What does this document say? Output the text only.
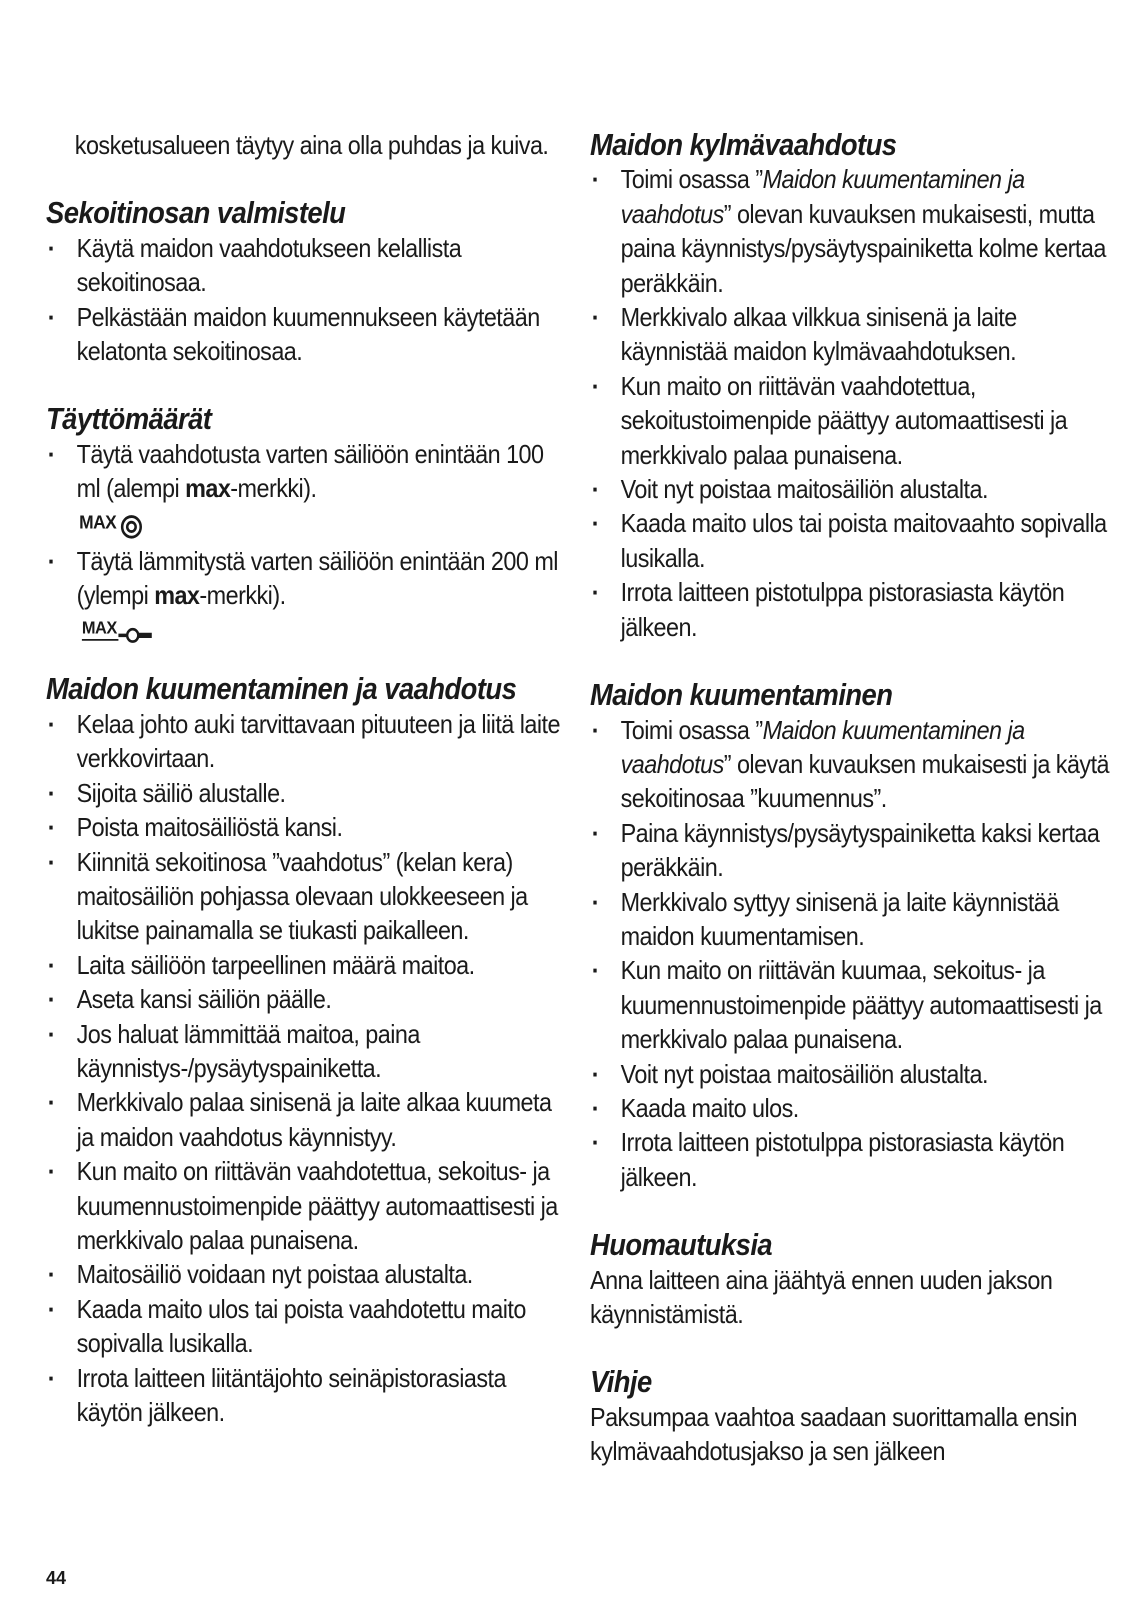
kosketusalueen täytyy aina olla puhdas ja kuiva.

Sekoitinosan valmistelu
· Käytä maidon vaahdotukseen kelallista sekoitinosaa.
· Pelkästään maidon kuumennukseen käytetään kelatonta sekoitinosaa.
Täyttömäärät
· Täytä vaahdotusta varten säiliöön enintään 100 ml (alempi max-merkki).
MAX
· Täytä lämmitystä varten säiliöön enintään 200 ml (ylempi max-merkki).
MAX
Maidon kuumentaminen ja vaahdotus
· Kelaa johto auki tarvittavaan pituuteen ja liitä laite verkkovirtaan.
· Sijoita säiliö alustalle.
· Poista maitosäiliöstä kansi.
· Kiinnitä sekoitinosa ”vaahdotus” (kelan kera) maitosäiliön pohjassa olevaan ulokkeeseen ja lukitse painamalla se tiukasti paikalleen.
· Laita säiliöön tarpeellinen määrä maitoa.
· Aseta kansi säiliön päälle.
· Jos haluat lämmittää maitoa, paina käynnistys-/pysäytyspainiketta.
· Merkkivalo palaa sinisenä ja laite alkaa kuumeta ja maidon vaahdotus käynnistyy.
· Kun maito on riittävän vaahdotettua, sekoitus- ja kuumennustoimenpide päättyy automaattisesti ja merkkivalo palaa punaisena.
· Maitosäiliö voidaan nyt poistaa alustalta.
· Kaada maito ulos tai poista vaahdotettu maito sopivalla lusikalla.
· Irrota laitteen liitäntäjohto seinäpistorasiasta käytön jälkeen.
Maidon kylmävaahdotus
· Toimi osassa ”Maidon kuumentaminen ja vaahdotus” olevan kuvauksen mukaisesti, mutta paina käynnistys/pysäytyspainiketta kolme kertaa peräkkäin.
· Merkkivalo alkaa vilkkua sinisenä ja laite käynnistää maidon kylmävaahdotuksen.
· Kun maito on riittävän vaahdotettua, sekoitustoimenpide päättyy automaattisesti ja merkkivalo palaa punaisena.
· Voit nyt poistaa maitosäiliön alustalta.
· Kaada maito ulos tai poista maitovaahto sopivalla lusikalla.
· Irrota laitteen pistotulppa pistorasiasta käytön jälkeen.
Maidon kuumentaminen
· Toimi osassa ”Maidon kuumentaminen ja vaahdotus” olevan kuvauksen mukaisesti ja käytä sekoitinosaa ”kuumennus”.
· Paina käynnistys/pysäytyspainiketta kaksi kertaa peräkkäin.
· Merkkivalo syttyy sinisenä ja laite käynnistää maidon kuumentamisen.
· Kun maito on riittävän kuumaa, sekoitus- ja kuumennustoimenpide päättyy automaattisesti ja merkkivalo palaa punaisena.
· Voit nyt poistaa maitosäiliön alustalta.
· Kaada maito ulos.
· Irrota laitteen pistotulppa pistorasiasta käytön jälkeen.
Huomautuksia

Anna laitteen aina jäähtyä ennen uuden jakson käynnistämistä.

Vihje

Paksumpaa vaahtoa saadaan suorittamalla ensin kylmävaahdotusjakso ja sen jälkeen

44
